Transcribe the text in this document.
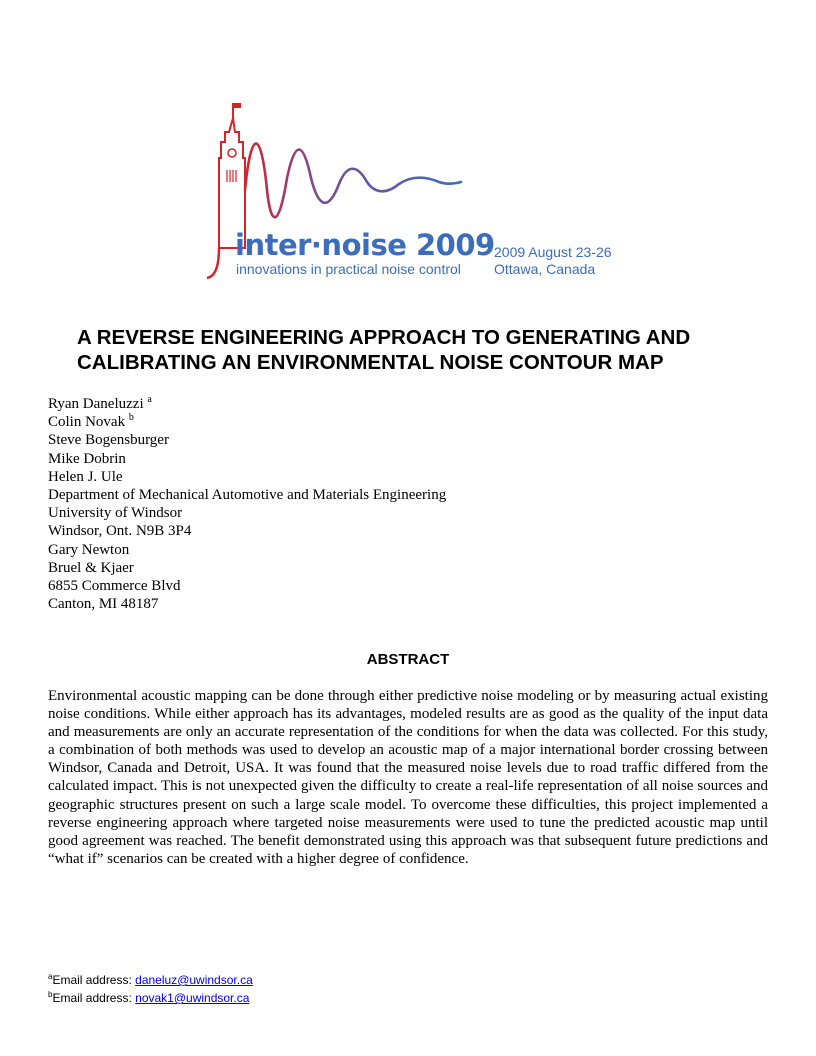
inter·noise 2009
innovations in practical noise control
2009 August 23-26
Ottawa, Canada
A REVERSE ENGINEERING APPROACH TO GENERATING AND
CALIBRATING AN ENVIRONMENTAL NOISE CONTOUR MAP
Ryan Daneluzzi $^a$
Colin Novak $^b$
Steve Bogensburger
Mike Dobrin
Helen J. Ule
Department of Mechanical Automotive and Materials Engineering
University of Windsor
Windsor, Ont. N9B 3P4
Gary Newton
Bruel & Kjaer
6855 Commerce Blvd
Canton, MI 48187
ABSTRACT

Environmental acoustic mapping can be done through either predictive noise modeling or by measuring actual existing noise conditions. While either approach has its advantages, modeled results are as good as the quality of the input data and measurements are only an accurate representation of the conditions for when the data was collected. For this study, a combination of both methods was used to develop an acoustic map of a major international border crossing between Windsor, Canada and Detroit, USA. It was found that the measured noise levels due to road traffic differed from the calculated impact. This is not unexpected given the difficulty to create a real-life representation of all noise sources and geographic structures present on such a large scale model. To overcome these difficulties, this project implemented a reverse engineering approach where targeted noise measurements were used to tune the predicted acoustic map until good agreement was reached. The benefit demonstrated using this approach was that subsequent future predictions and “what if” scenarios can be created with a higher degree of confidence.

$^a$Email address: daneluz@uwindsor.ca
$^b$Email address: novak1@uwindsor.ca
